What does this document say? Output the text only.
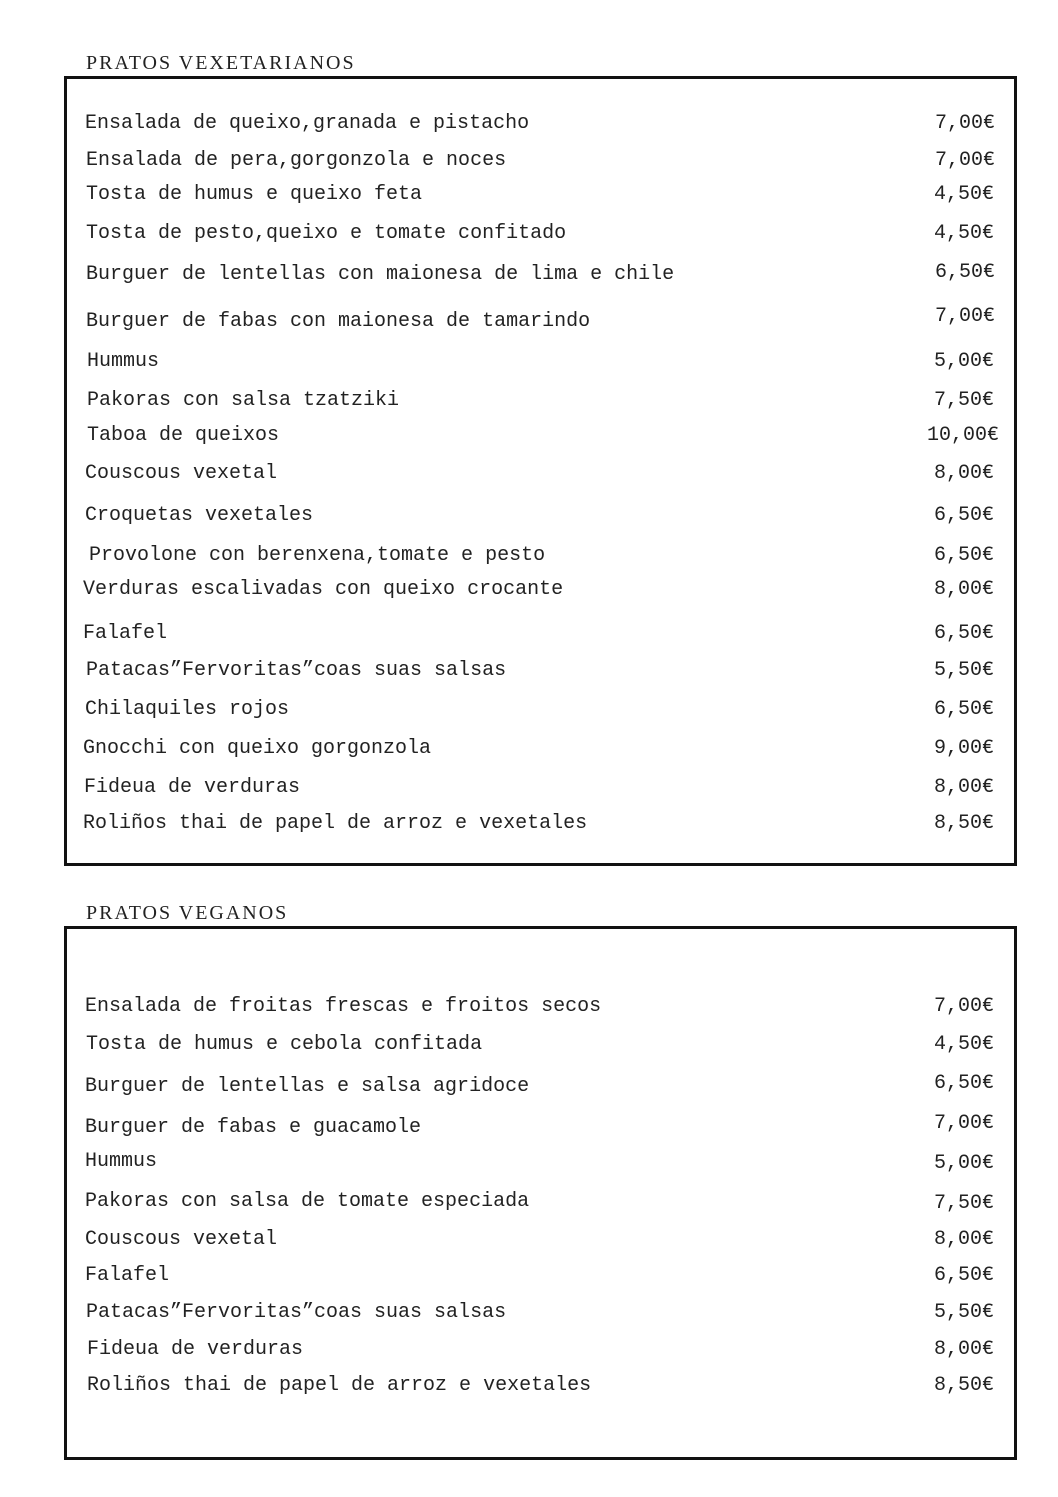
PRATOS VEXETARIANOS
Ensalada de queixo,granada e pistacho	7,00€
Ensalada de pera,gorgonzola e noces	7,00€
Tosta de humus e queixo feta	4,50€
Tosta de pesto,queixo e tomate confitado	4,50€
Burguer de lentellas con maionesa de lima e chile	6,50€
Burguer de fabas con maionesa de tamarindo	7,00€
Hummus	5,00€
Pakoras con salsa tzatziki	7,50€
Taboa de queixos	10,00€
Couscous vexetal	8,00€
Croquetas vexetales	6,50€
Provolone con berenxena,tomate e pesto	6,50€
Verduras escalivadas con queixo crocante	8,00€
Falafel	6,50€
Patacas”Fervoritas”coas suas salsas	5,50€
Chilaquiles rojos	6,50€
Gnocchi con queixo gorgonzola	9,00€
Fideua de verduras	8,00€
Roliños thai de papel de arroz e vexetales	8,50€
PRATOS VEGANOS
Ensalada de froitas frescas e froitos secos	7,00€
Tosta de humus e cebola confitada	4,50€
Burguer de lentellas e salsa agridoce	6,50€
Burguer de fabas e guacamole	7,00€
Hummus	5,00€
Pakoras con salsa de tomate especiada	7,50€
Couscous vexetal	8,00€
Falafel	6,50€
Patacas”Fervoritas”coas suas salsas	5,50€
Fideua de verduras	8,00€
Roliños thai de papel de arroz e vexetales	8,50€
